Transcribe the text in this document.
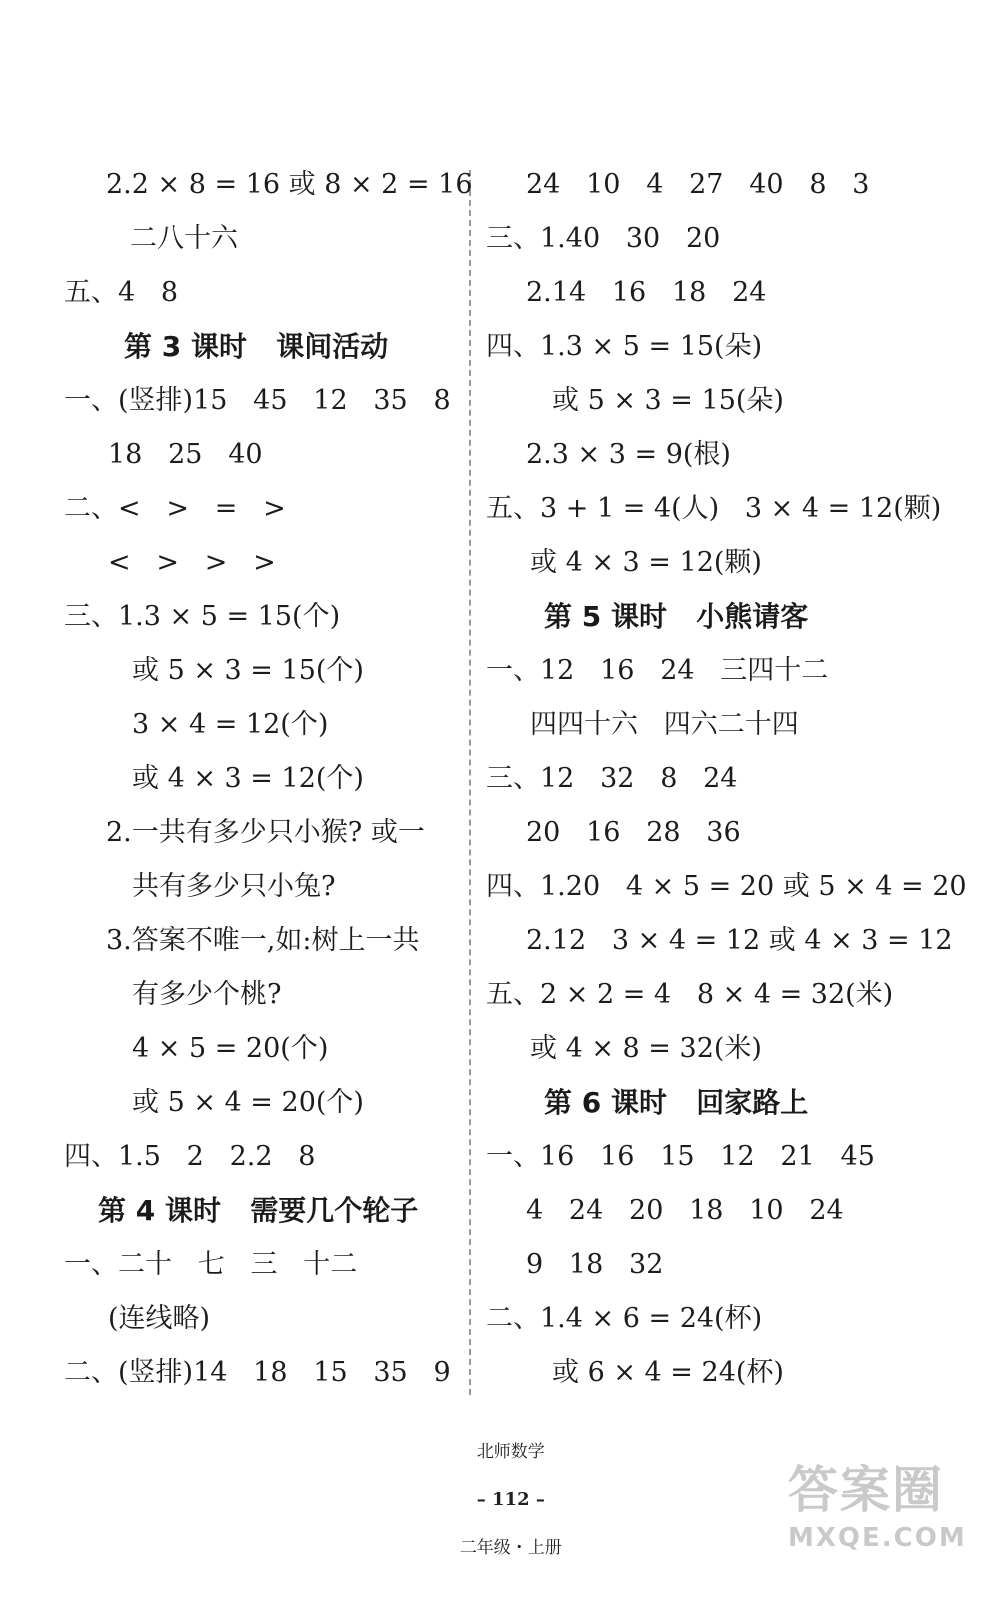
2.2 × 8 = 16 或 8 × 2 = 16
二八十六
五、4   8
第 3 课时   课间活动
一、(竖排)15   45   12   35   8
18   25   40
二、<   >   =   >
<   >   >   >
三、1.3 × 5 = 15(个)
或 5 × 3 = 15(个)
3 × 4 = 12(个)
或 4 × 3 = 12(个)
2.一共有多少只小猴? 或一
共有多少只小兔?
3.答案不唯一,如:树上一共
有多少个桃?
4 × 5 = 20(个)
或 5 × 4 = 20(个)
四、1.5   2   2.2   8
第 4 课时   需要几个轮子
一、二十   七   三   十二
(连线略)
二、(竖排)14   18   15   35   9
24   10   4   27   40   8   3
三、1.40   30   20
2.14   16   18   24
四、1.3 × 5 = 15(朵)
或 5 × 3 = 15(朵)
2.3 × 3 = 9(根)
五、3 + 1 = 4(人)   3 × 4 = 12(颗)
或 4 × 3 = 12(颗)
第 5 课时   小熊请客
一、12   16   24   三四十二
四四十六   四六二十四
三、12   32   8   24
20   16   28   36
四、1.20   4 × 5 = 20 或 5 × 4 = 20
2.12   3 × 4 = 12 或 4 × 3 = 12
五、2 × 2 = 4   8 × 4 = 32(米)
或 4 × 8 = 32(米)
第 6 课时   回家路上
一、16   16   15   12   21   45
4   24   20   18   10   24
9   18   32
二、1.4 × 6 = 24(杯)
或 6 × 4 = 24(杯)

北师数学

– 112 –

二年级・上册

答案圈
MXQE.COM
